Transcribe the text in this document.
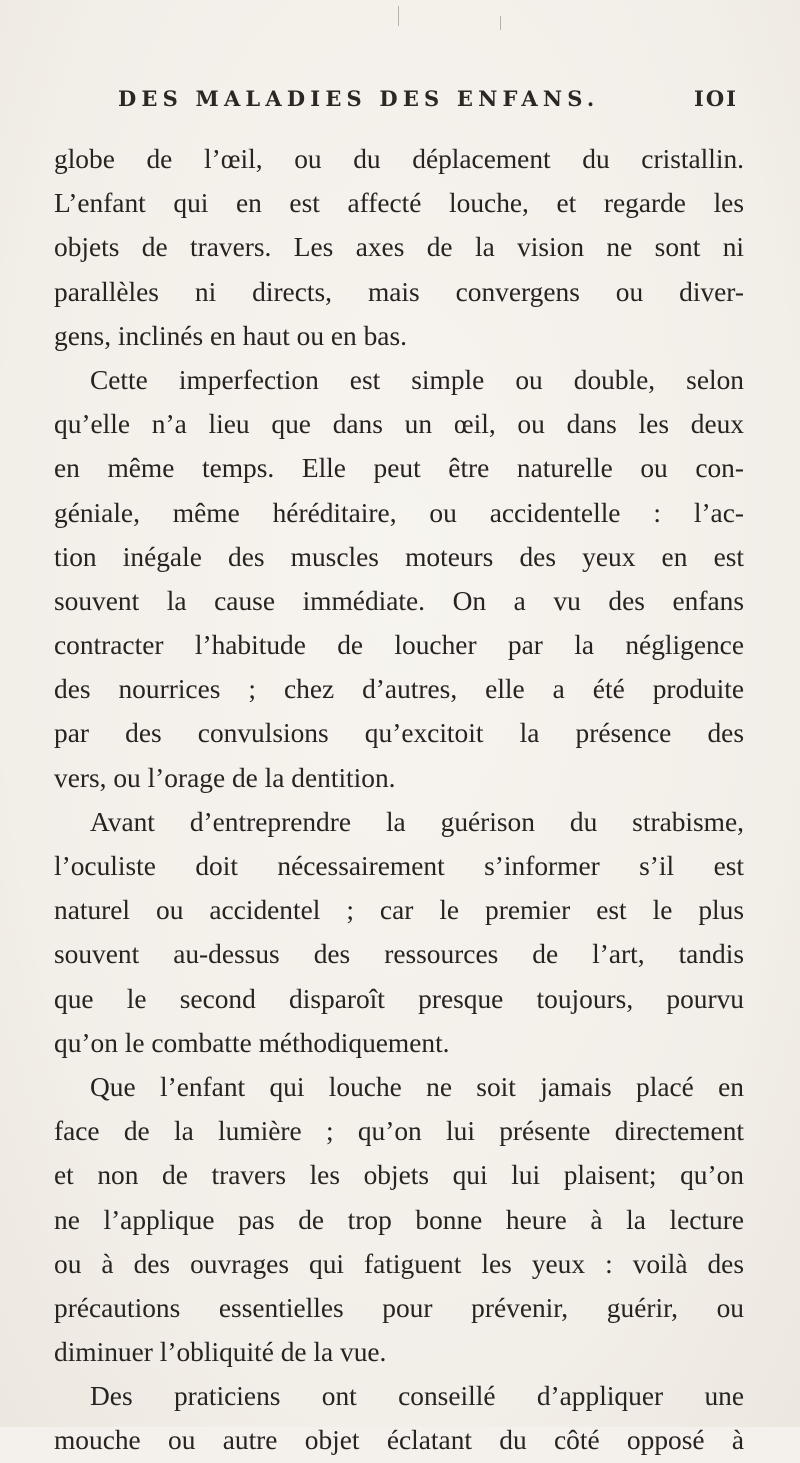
DES MALADIES DES ENFANS.	IOI
globe de l’œil, ou du déplacement du cristallin.
L’enfant qui en est affecté louche, et regarde les
objets de travers. Les axes de la vision ne sont ni
parallèles ni directs, mais convergens ou diver-
gens, inclinés en haut ou en bas.
Cette imperfection est simple ou double, selon
qu’elle n’a lieu que dans un œil, ou dans les deux
en même temps. Elle peut être naturelle ou con-
géniale, même héréditaire, ou accidentelle : l’ac-
tion inégale des muscles moteurs des yeux en est
souvent la cause immédiate. On a vu des enfans
contracter l’habitude de loucher par la négligence
des nourrices ; chez d’autres, elle a été produite
par des convulsions qu’excitoit la présence des
vers, ou l’orage de la dentition.
Avant d’entreprendre la guérison du strabisme,
l’oculiste doit nécessairement s’informer s’il est
naturel ou accidentel ; car le premier est le plus
souvent au-dessus des ressources de l’art, tandis
que le second disparoît presque toujours, pourvu
qu’on le combatte méthodiquement.
Que l’enfant qui louche ne soit jamais placé en
face de la lumière ; qu’on lui présente directement
et non de travers les objets qui lui plaisent; qu’on
ne l’applique pas de trop bonne heure à la lecture
ou à des ouvrages qui fatiguent les yeux : voilà des
précautions essentielles pour prévenir, guérir, ou
diminuer l’obliquité de la vue.
Des praticiens ont conseillé d’appliquer une
mouche ou autre objet éclatant du côté opposé à
